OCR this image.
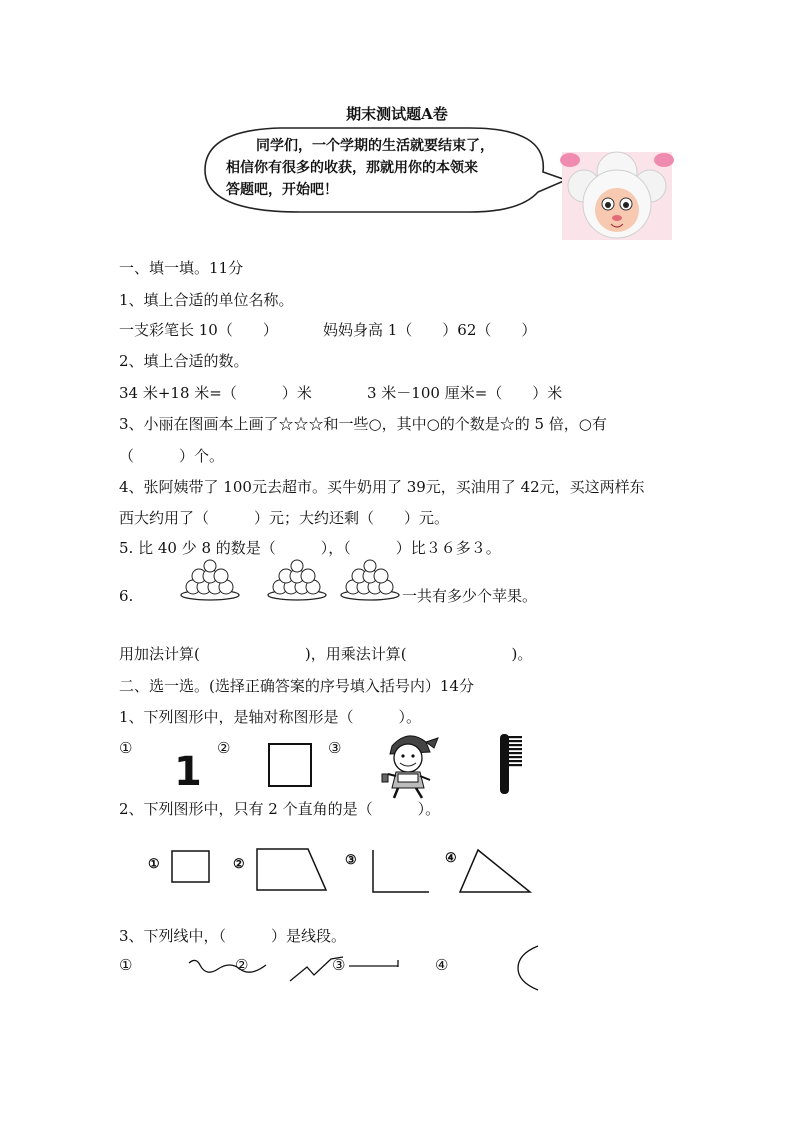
期末测试题A卷
同学们，一个学期的生活就要结束了，
相信你有很多的收获，那就用你的本领来
答题吧，开始吧！
一、填一填。11分
1、填上合适的单位名称。
一支彩笔长 10（　　）	妈妈身高 1（　　）62（　　）
2、填上合适的数。
34 米+18 米=（　　　）米	3 米－100 厘米=（　　）米
3、小丽在图画本上画了☆☆☆和一些○，其中○的个数是☆的 5 倍，○有
（　　　）个。
4、张阿姨带了 100元去超市。买牛奶用了 39元，买油用了 42元，买这两样东
西大约用了（　　　）元；大约还剩（　　）元。
5. 比 40 少 8 的数是（　　　），（　　　）比３６多３。
6.	一共有多少个苹果。
用加法计算(　　　　　　　)，用乘法计算(　　　　　　　)。
二、选一选。(选择正确答案的序号填入括号内）14分
1、下列图形中，是轴对称图形是（　　　）。
①
1
②	③
2、下列图形中，只有 2 个直角的是（　　　）。
①	②	③	④
3、下列线中，（　　　）是线段。
①	②	③	④
